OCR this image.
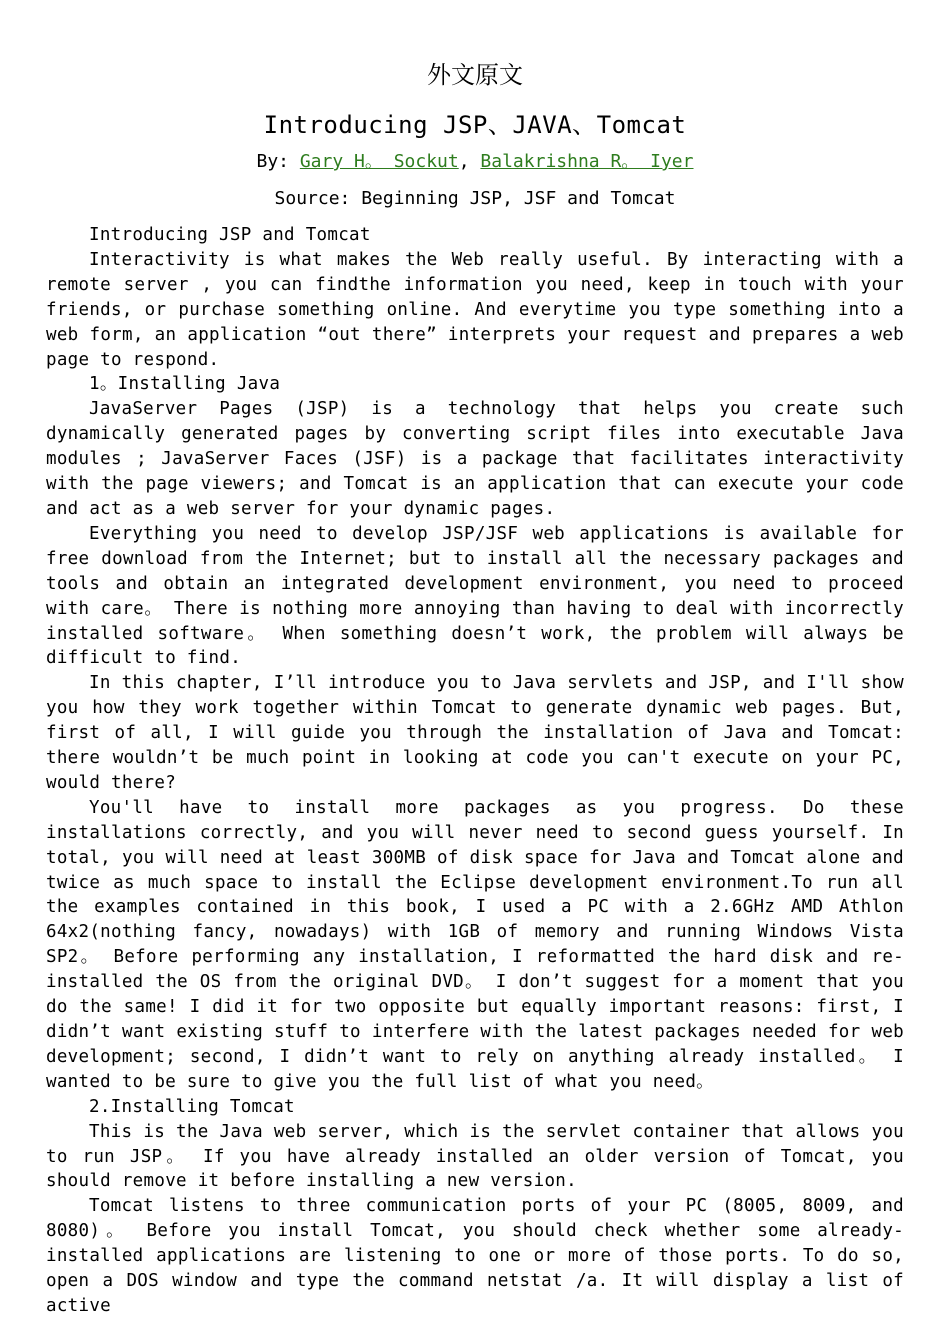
外文原文
Introducing JSP、JAVA、Tomcat
By: Gary H。 Sockut, Balakrishna R。 Iyer
Source: Beginning JSP, JSF and Tomcat

Introducing JSP and Tomcat

Interactivity is what makes the Web really useful. By interacting with a remote server , you can findthe information you need, keep in touch with your friends, or purchase something online. And everytime you type something into a web form, an application “out there” interprets your request and prepares a web page to respond.

1。Installing Java

JavaServer Pages (JSP) is a technology that helps you create such dynamically generated pages by converting script files into executable Java modules ; JavaServer Faces (JSF) is a package that facilitates interactivity with the page viewers; and Tomcat is an application that can execute your code and act as a web server for your dynamic pages.

Everything you need to develop JSP/JSF web applications is available for free download from the Internet; but to install all the necessary packages and tools and obtain an integrated development environment, you need to proceed with care。 There is nothing more annoying than having to deal with incorrectly installed software。 When something doesn’t work, the problem will always be difficult to find.

In this chapter, I’ll introduce you to Java servlets and JSP, and I'll show you how they work together within Tomcat to generate dynamic web pages. But, first of all, I will guide you through the installation of Java and Tomcat: there wouldn’t be much point in looking at code you can't execute on your PC, would there?

You'll have to install more packages as you progress. Do these installations correctly, and you will never need to second guess yourself. In total, you will need at least 300MB of disk space for Java and Tomcat alone and twice as much space to install the Eclipse development environment.To run all the examples contained in this book, I used a PC with a 2.6GHz AMD Athlon 64x2(nothing fancy, nowadays) with 1GB of memory and running Windows Vista SP2。 Before performing any installation, I reformatted the hard disk and re-installed the OS from the original DVD。 I don’t suggest for a moment that you do the same! I did it for two opposite but equally important reasons: first, I didn’t want existing stuff to interfere with the latest packages needed for web development; second, I didn’t want to rely on anything already installed。 I wanted to be sure to give you the full list of what you need。

2.Installing Tomcat

This is the Java web server, which is the servlet container that allows you to run JSP。 If you have already installed an older version of Tomcat, you should remove it before installing a new version.

Tomcat listens to three communication ports of your PC (8005, 8009, and 8080)。 Before you install Tomcat, you should check whether some already-installed applications are listening to one or more of those ports. To do so, open a DOS window and type the command netstat /a. It will display a list of active
